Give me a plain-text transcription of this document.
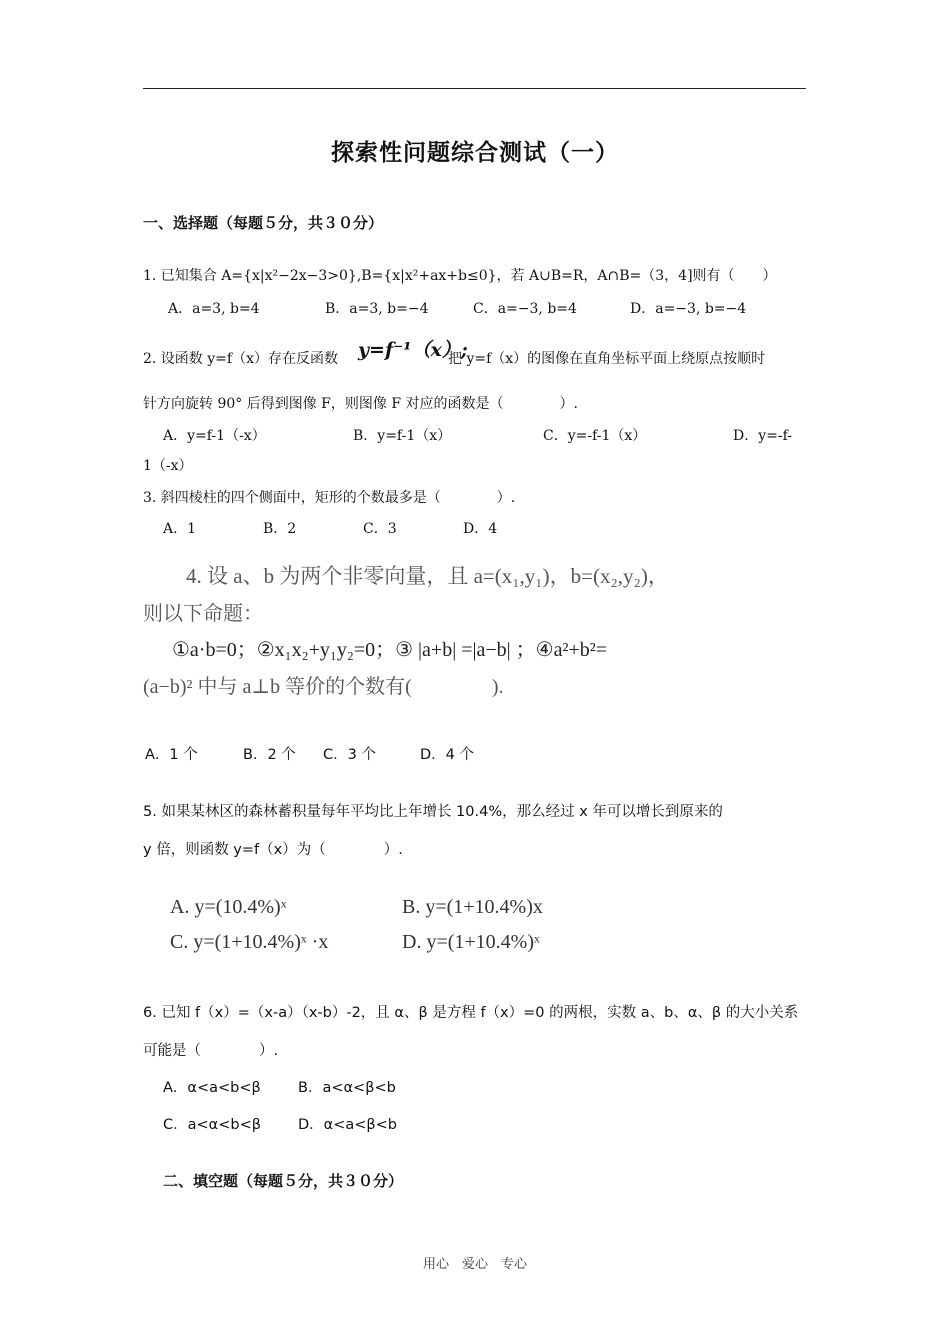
探索性问题综合测试（一）
一、选择题（每题５分，共３０分）
1. 已知集合 A={x|x²−2x−3>0},B={x|x²+ax+b≤0}，若 A∪B=R，A∩B=（3，4]则有（　　）
A．a=3, b=4	B．a=3, b=−4	C．a=−3, b=4	D．a=−3, b=−4
2. 设函数 y=f（x）存在反函数 y=f⁻¹（x）;
把 y=f（x）的图像在直角坐标平面上绕原点按顺时
针方向旋转 90° 后得到图像 F，则图像 F 对应的函数是（　　　　）.
A．y=f-1（-x）	B．y=f-1（x）	C．y=-f-1（x）	D．y=-f-
1（-x）
3. 斜四棱柱的四个侧面中，矩形的个数最多是（　　　　）.
A．1	B．2	C．3	D．4
4. 设 a、b 为两个非零向量，且 a=(x₁,y₁)，b=(x₂,y₂)，
则以下命题：
①a·b=0；②x₁x₂+y₁y₂=0；③ |a+b| =|a−b| ；④a²+b²=
(a−b)² 中与 a⊥b 等价的个数有(　　　　).
A．1 个	B．2 个 C．3 个	D．4 个
5. 如果某林区的森林蓄积量每年平均比上年增长 10.4%，那么经过 x 年可以增长到原来的
y 倍，则函数 y=f（x）为（　　　　）.
A. y=(10.4%)ˣ	B. y=(1+10.4%)x
C. y=(1+10.4%)ˣ ·x	D. y=(1+10.4%)ˣ
6. 已知 f（x）=（x-a）（x-b）-2，且 α、β 是方程 f（x）=0 的两根，实数 a、b、α、β 的大小关系
可能是（　　　　）.
A．α<a<b<β	B．a<α<β<b
C．a<α<b<β	D．α<a<β<b
二、填空题（每题５分，共３０分）
用心　爱心　专心
